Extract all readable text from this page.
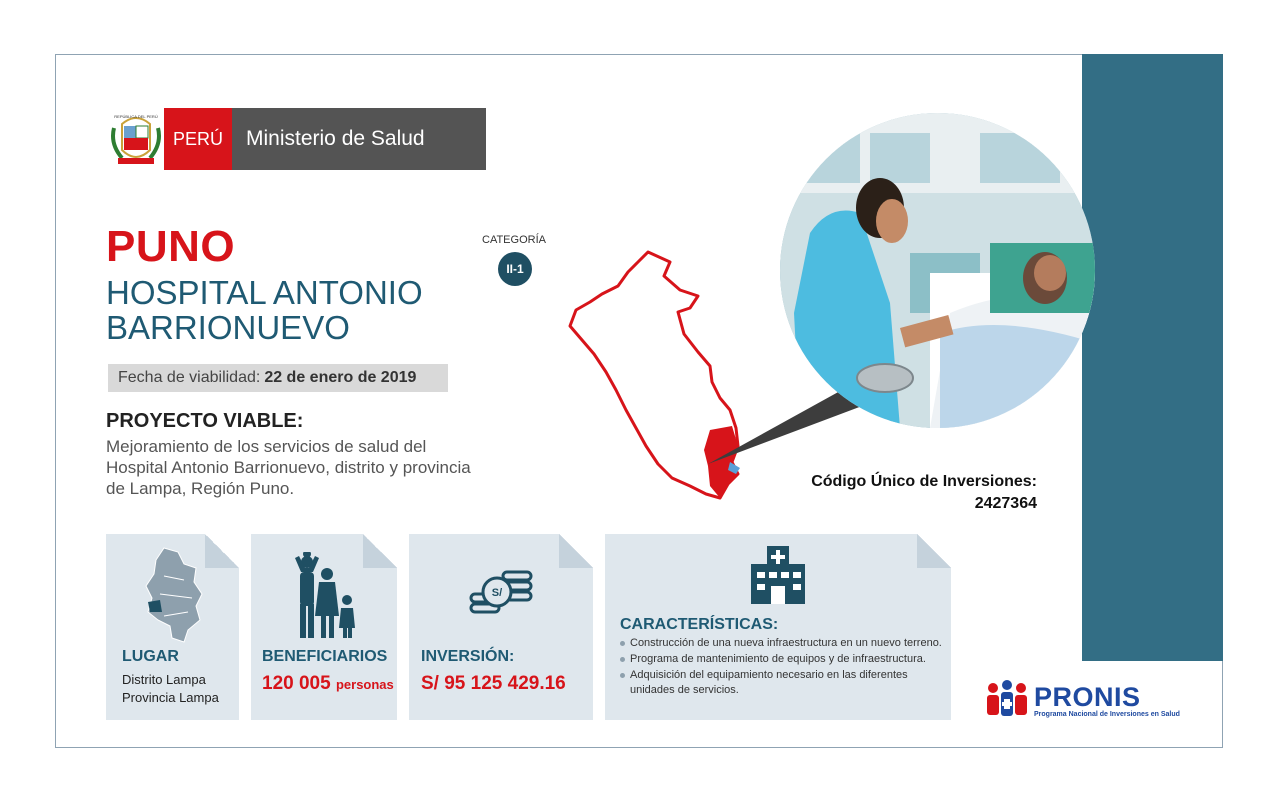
REPÚBLICA DEL PERÚ
PERÚ	Ministerio de Salud
PUNO
HOSPITAL ANTONIO BARRIONUEVO
Fecha de viabilidad: 22 de enero de 2019
PROYECTO VIABLE:
Mejoramiento de los servicios de salud del Hospital Antonio Barrionuevo, distrito y provincia de Lampa, Región Puno.
CATEGORÍA
II-1
Código Único de Inversiones:
2427364
LUGAR
Distrito Lampa
Provincia Lampa
BENEFICIARIOS
120 005 personas
S/
INVERSIÓN:
S/ 95 125 429.16
CARACTERÍSTICAS:
Construcción de una nueva infraestructura en un nuevo terreno.
Programa de mantenimiento de equipos y de infraestructura.
Adquisición del equipamiento necesario en las diferentes unidades de servicios.	PRONIS
Programa Nacional de Inversiones en Salud
